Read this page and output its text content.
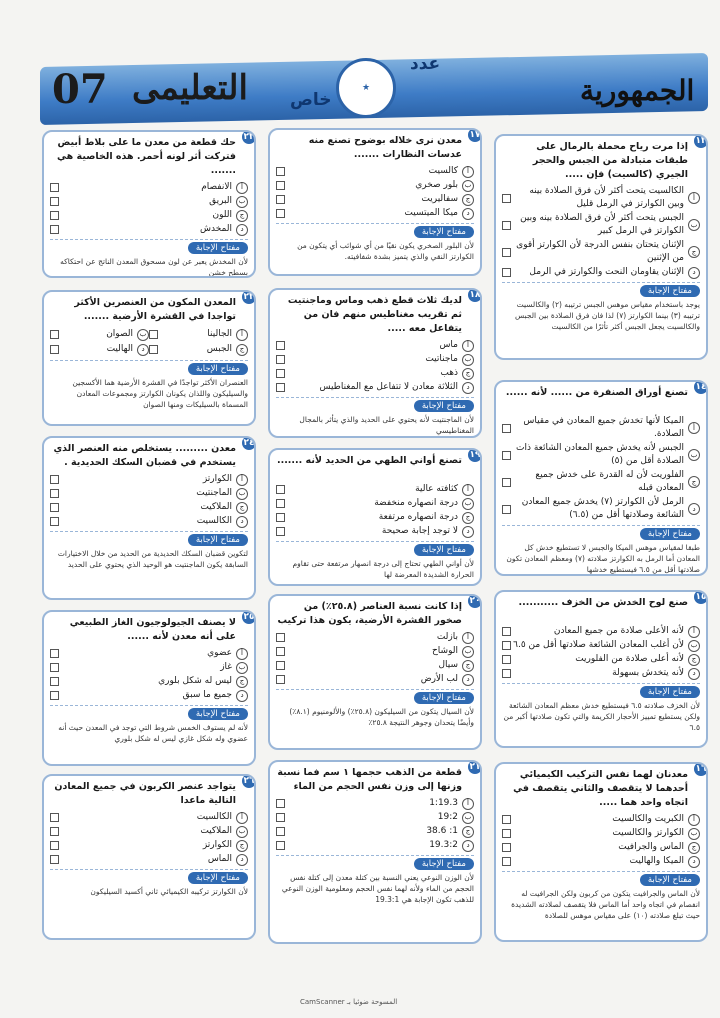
07 التعليمى خاص
★
عدد
الجمهورية
١٣
إذا مرت رياح محملة بالرمال على طبقات متبادلة من الجبس والحجر الجيري (كالسيت) فإن .....
أ
الكالسيت يتحت أكثر لأن فرق الصلادة بينه وبين الكوارتز في الرمل قليل
ب
الجبس يتحت أكثر لأن فرق الصلادة بينه وبين الكوارتز في الرمل كبير
ج
الإثنان يتحتان بنفس الدرجة لأن الكوارتز أقوى من الإثنين
د
الإثنان يقاومان النحت والكوارتز في الرمل
مفتاح الإجابة
يوجد باستخدام مقياس موهس الجبس ترتيبه (٢) والكالسيت ترتيبه (٣) بينما الكوارتز (٧) لذا فان فرق الصلادة بين الجبس والكالسيت يجعل الجبس أكثر تأثرًا من الكالسيت
١٤
تصنع أوراق الصنفرة من ...... لأنه ......
أ
الميكا لأنها تخدش جميع المعادن في مقياس الصلادة.
ب
الجبس لأنه يخدش جميع المعادن الشائعة ذات الصلادة أقل من (٥)
ج
الفلوريت لأن له القدرة على خدش جميع المعادن قبله
د
الرمل لأن الكوارتز (٧) يخدش جميع المعادن الشائعة وصلادتها أقل من (٦.٥)
مفتاح الإجابة
طبقا لمقياس موهس الميكا والجبس لا تستطيع خدش كل المعادن أما الرمل به الكوارتز صلادته (٧) ومعظم المعادن تكون صلادتها أقل من ٦.٥ فيستطيع خدشها
١٥
صنع لوح الخدش من الخزف ...........
أ
لأنه الأعلى صلادة من جميع المعادن
ب
لأن أغلب المعادن الشائعة صلادتها أقل من ٦.٥
ج
لأنه أعلى صلادة من الفلوريت
د
لأنه يتخدش بسهولة
مفتاح الإجابة
لأن الخزف صلادته ٦.٥ فيستطيع خدش معظم المعادن الشائعة ولكن يستطيع تمييز الأحجار الكريمة والتي تكون صلادتها أكبر من ٦.٥
١٦
معدنان لهما نفس التركيب الكيميائي أحدهما لا يتقصف والثاني يتقصف في اتجاه واحد هما .....
أ
الكبريت والكالسيت
ب
الكوارتز والكالسيت
ج
الماس والجرافيت
د
الميكا والهاليت
مفتاح الإجابة
لأن الماس والجرافيت يتكون من كربون ولكن الجرافيت له انفصام في اتجاه واحد أما الماس فلا يتقصف لصلادته الشديدة حيث تبلغ صلادته (١٠) على مقياس موهس للصلادة
١٧
معدن نرى خلاله بوضوح تصنع منه عدسات النظارات .......
أ
كالسيت
ب
بلور صخري
ج
سفاليريت
د
ميكا الميتسيت
مفتاح الإجابة
لأن البلور الصخري يكون نقيًا من أي شوائب أي يتكون من الكوارتز النقي والذي يتميز بشدة شفافيته.
١٨
لديك ثلاث قطع ذهب وماس وماجنتيت ثم تقريب مغناطيس منهم فان من يتفاعل معه .....
أ
ماس
ب
ماجناتيت
ج
ذهب
د
الثلاثة معادن لا تتفاعل مع المغناطيس
مفتاح الإجابة
لأن الماجنتيت لأنه يحتوي على الحديد والذي يتأثر بالمجال المغناطيسي
١٩
تصنع أواني الطهي من الحديد لأنه .......
أ
كثافته عالية
ب
درجة انصهاره منخفضة
ج
درجة انصهاره مرتفعة
د
لا توجد إجابة صحيحة
مفتاح الإجابة
لأن أواني الطهي تحتاج إلى درجة انصهار مرتفعة حتى تقاوم الحرارة الشديدة المعرضة لها
٢٠
إذا كانت نسبة العناصر (٢٥.٨٪) من صخور القشرة الأرضية، يكون هذا تركيب
أ
بازلت
ب
الوشاح
ج
سيال
د
لب الأرض
مفتاح الإجابة
لأن السيال يتكون من السيليكون (٢٥.٨٪) والألومنيوم (٨.١٪) وأيضًا يتحدان وجوهر النتيجة ٢٥.٨٪
٢١
قطعة من الذهب حجمها ١ سم فما نسبة وزنها إلى وزن نفس الحجم من الماء
أ
1:19.3
ب
19:2
ج
1: 38.6
د
19.3:2
مفتاح الإجابة
لأن الوزن النوعي يعني النسبة بين كتلة معدن إلى كتلة نفس الحجم من الماء ولأنه لهما نفس الحجم ومعلومية الوزن النوعي للذهب تكون الإجابة هي 19.3:1
٢٢
حك قطعة من معدن ما على بلاط أبيض فتركت أثر لونه أحمر. هذه الخاصية هي .......
أ
الانفصام
ب
البريق
ج
اللون
د
المخدش
مفتاح الإجابة
لأن المخدش يعبر عن لون مسحوق المعدن الناتج عن احتكاكه بسطح خشن
٢٣
المعدن المكون من العنصرين الأكثر تواجدا في القشرة الأرضية .......
أ
الجالينا
ب
الصوان
ج
الجبس
د
الهاليت
مفتاح الإجابة
العنصران الأكثر تواجدًا في القشرة الأرضية هما الأكسجين والسيليكون واللذان يكونان الكوارتز ومجموعات المعادن المسماة بالسيليكات ومنها الصوان
٢٤
معدن ......... يستخلص منه العنصر الذي يستخدم في قضبان السكك الحديدية .
أ
الكوارتز
ب
الماجنتيت
ج
الملاكيت
د
الكالسيت
مفتاح الإجابة
لتكوين قضبان السكك الحديدية من الحديد من خلال الاختيارات السابقة يكون الماجنتيت هو الوحيد الذي يحتوي على الحديد
٢٥
لا يصنف الجيولوجيون الغاز الطبيعي على أنه معدن لأنه ......
أ
عضوي
ب
غاز
ج
ليس له شكل بلوري
د
جميع ما سبق
مفتاح الإجابة
لأنه لم يستوف الخمس شروط التي توجد في المعدن حيث أنه عضوي وله شكل غازي ليس له شكل بلوري
٢٦
يتواجد عنصر الكربون في جميع المعادن التالية ماعدا
أ
الكالسيت
ب
الملاكيت
ج
الكوارتز
د
الماس
مفتاح الإجابة
لأن الكوارتز تركيبه الكيميائي ثاني أكسيد السيليكون
CamScanner المسوحة ضوئيا بـ
